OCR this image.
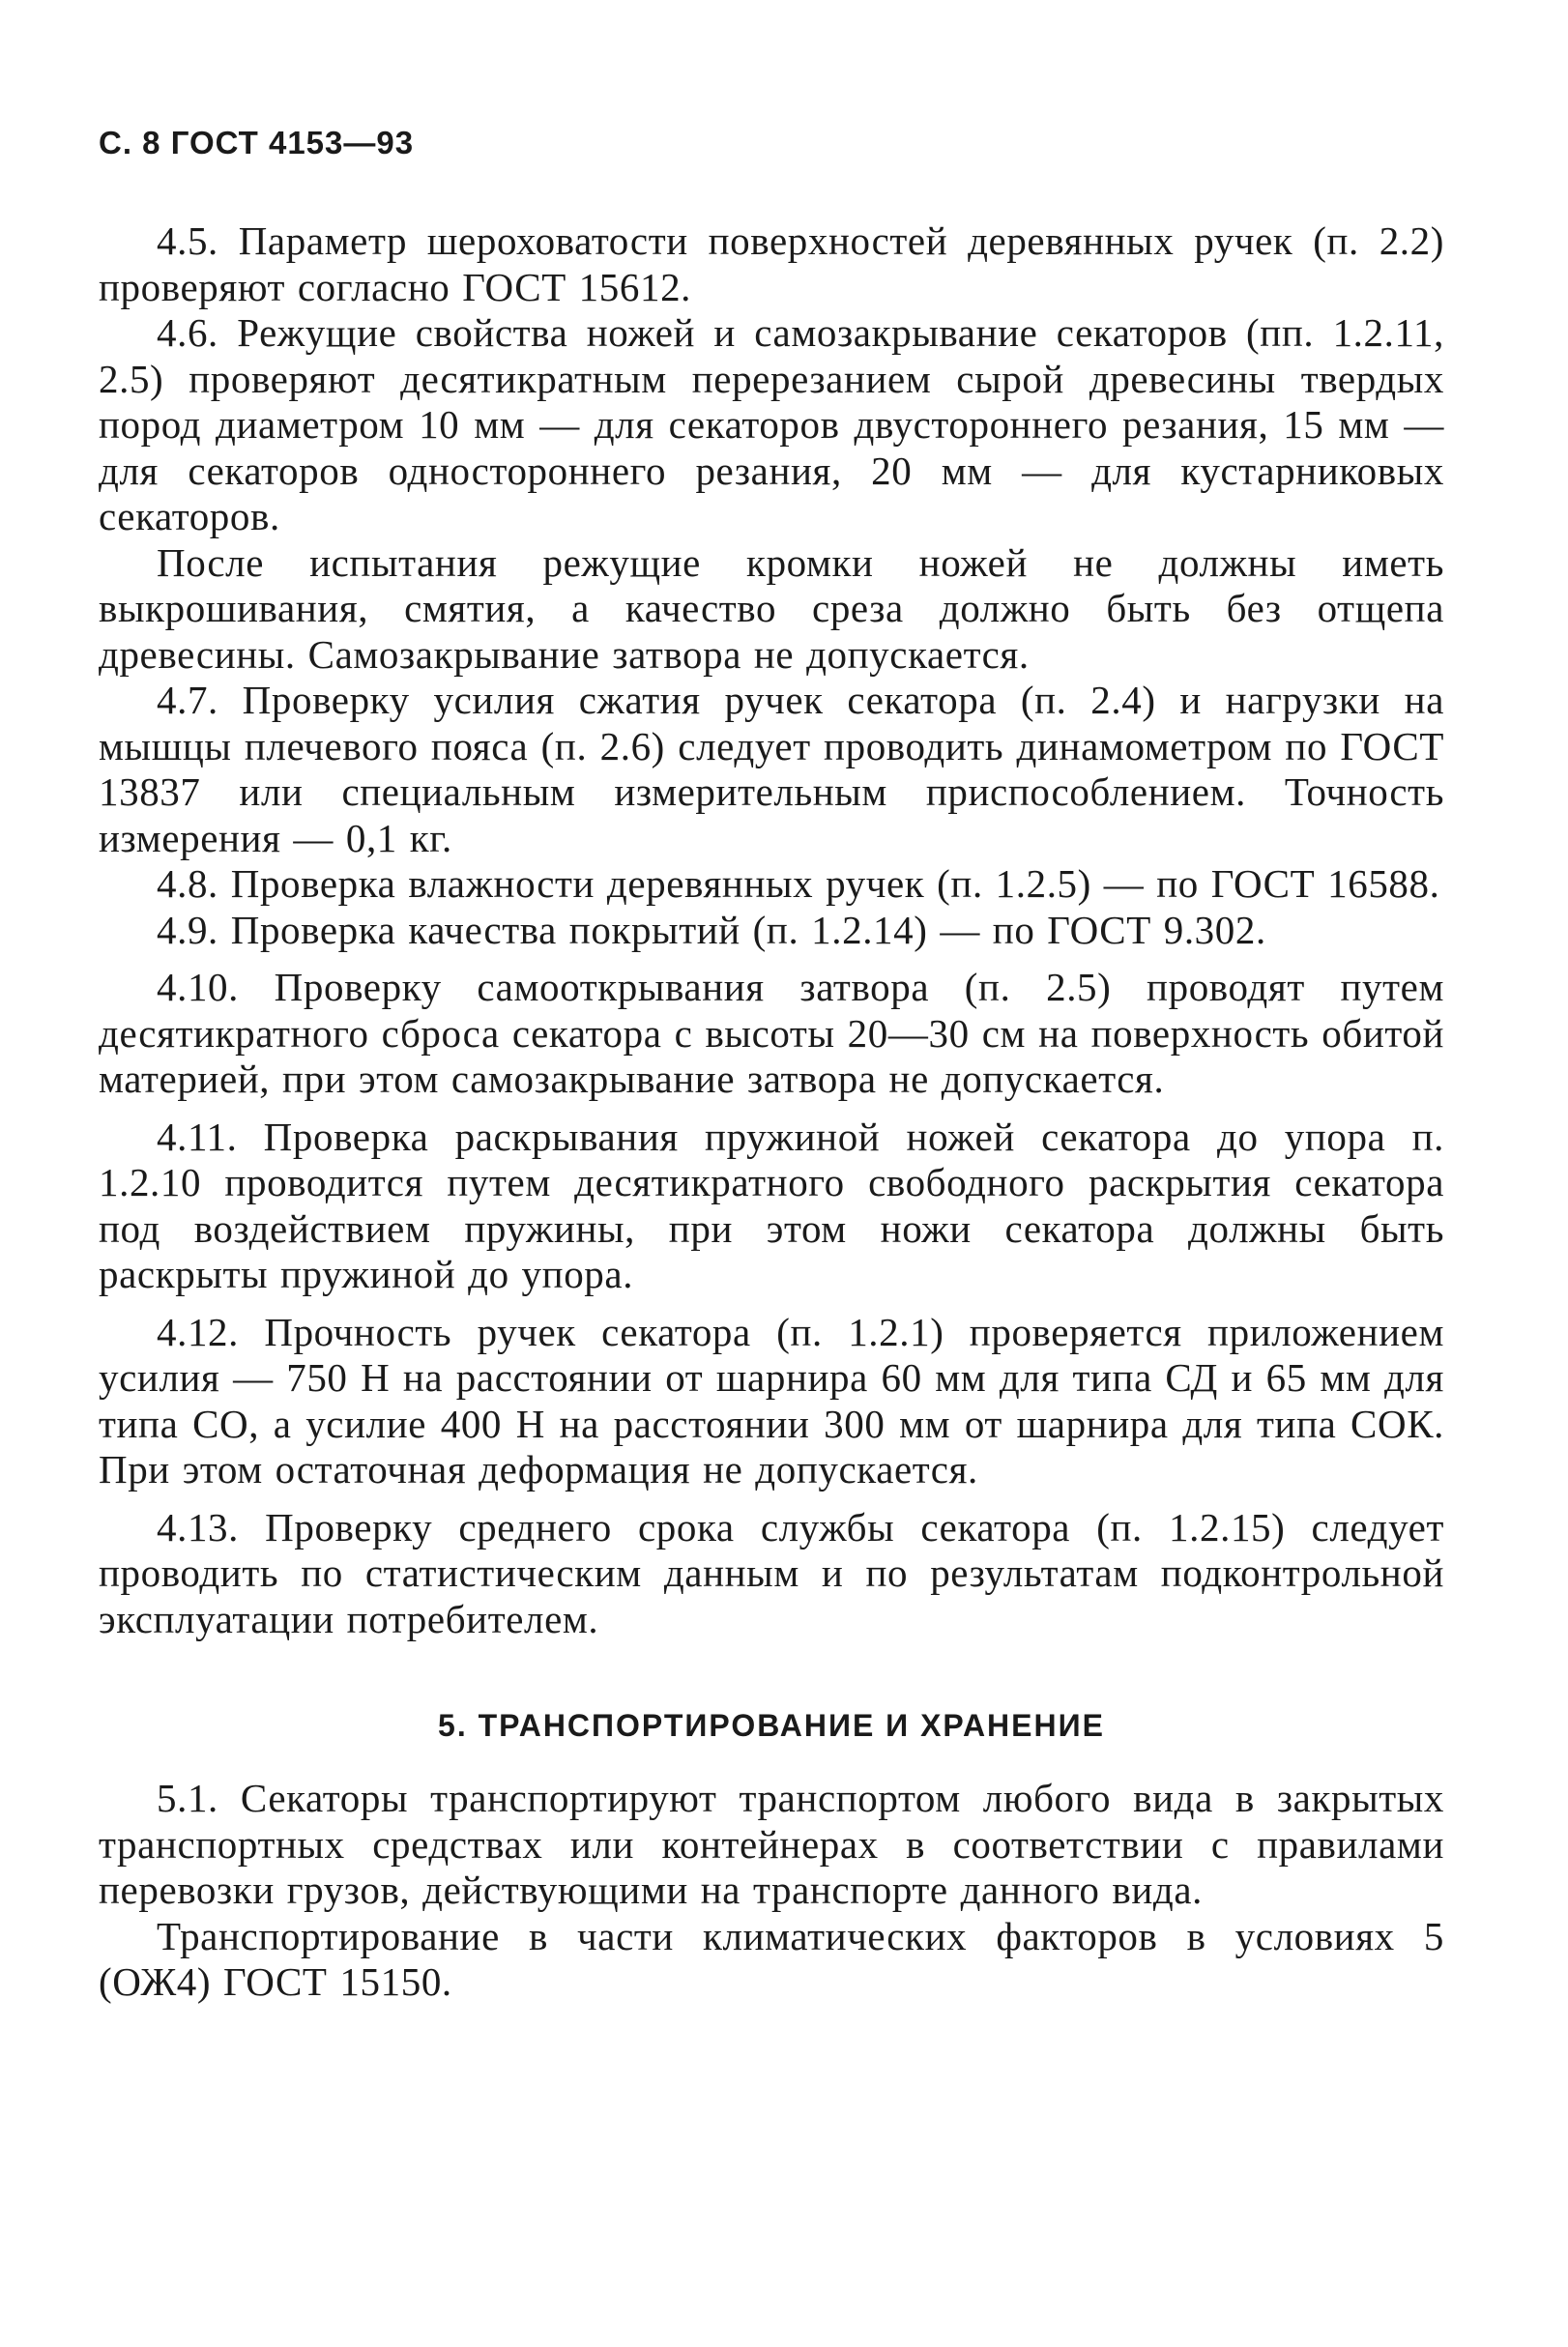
С. 8 ГОСТ 4153—93

4.5. Параметр шероховатости поверхностей деревянных ручек (п. 2.2) проверяют согласно ГОСТ 15612.

4.6. Режущие свойства ножей и самозакрывание секаторов (пп. 1.2.11, 2.5) проверяют десятикратным перерезанием сырой древесины твердых пород диаметром 10 мм — для секаторов двустороннего резания, 15 мм — для секаторов одностороннего резания, 20 мм — для кустарниковых секаторов.

После испытания режущие кромки ножей не должны иметь выкрошивания, смятия, а качество среза должно быть без отщепа древесины. Самозакрывание затвора не допускается.

4.7. Проверку усилия сжатия ручек секатора (п. 2.4) и нагрузки на мышцы плечевого пояса (п. 2.6) следует проводить динамометром по ГОСТ 13837 или специальным измерительным приспособлением. Точность измерения — 0,1 кг.

4.8. Проверка влажности деревянных ручек (п. 1.2.5) — по ГОСТ 16588.

4.9. Проверка качества покрытий (п. 1.2.14) — по ГОСТ 9.302.

4.10. Проверку самооткрывания затвора (п. 2.5) проводят путем десятикратного сброса секатора с высоты 20—30 см на поверхность обитой материей, при этом самозакрывание затвора не допускается.

4.11. Проверка раскрывания пружиной ножей секатора до упора п. 1.2.10 проводится путем десятикратного свободного раскрытия секатора под воздействием пружины, при этом ножи секатора должны быть раскрыты пружиной до упора.

4.12. Прочность ручек секатора (п. 1.2.1) проверяется приложением усилия — 750 Н на расстоянии от шарнира 60 мм для типа СД и 65 мм для типа СО, а усилие 400 Н на расстоянии 300 мм от шарнира для типа СОК. При этом остаточная деформация не допускается.

4.13. Проверку среднего срока службы секатора (п. 1.2.15) следует проводить по статистическим данным и по результатам подконтрольной эксплуатации потребителем.

5. ТРАНСПОРТИРОВАНИЕ И ХРАНЕНИЕ

5.1. Секаторы транспортируют транспортом любого вида в закрытых транспортных средствах или контейнерах в соответствии с правилами перевозки грузов, действующими на транспорте данного вида.

Транспортирование в части климатических факторов в условиях 5 (ОЖ4) ГОСТ 15150.
